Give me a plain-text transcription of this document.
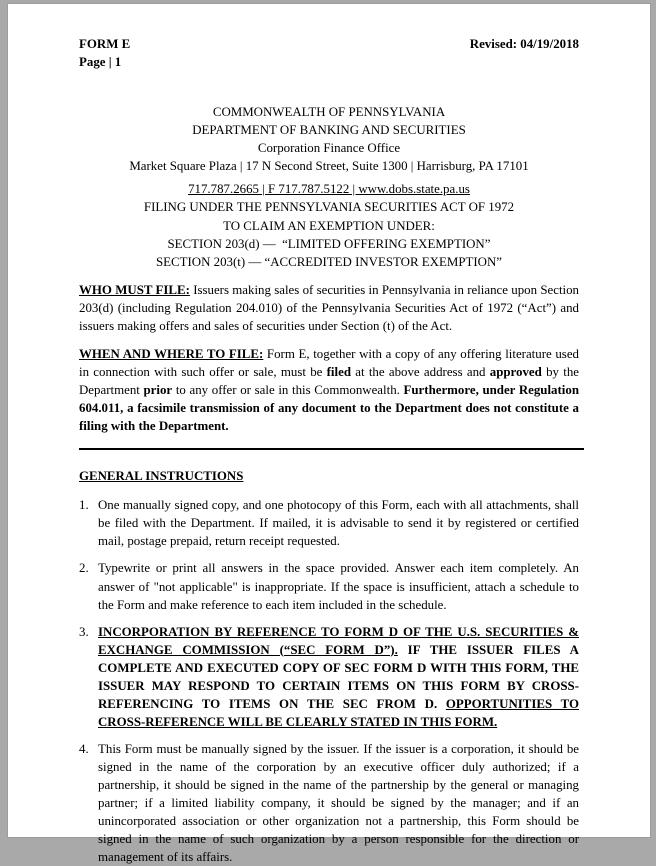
FORM E
Page | 1
Revised: 04/19/2018
COMMONWEALTH OF PENNSYLVANIA
DEPARTMENT OF BANKING AND SECURITIES
Corporation Finance Office
Market Square Plaza | 17 N Second Street, Suite 1300 | Harrisburg, PA 17101
717.787.2665 | F 717.787.5122 | www.dobs.state.pa.us
FILING UNDER THE PENNSYLVANIA SECURITIES ACT OF 1972
TO CLAIM AN EXEMPTION UNDER:
SECTION 203(d) —  “LIMITED OFFERING EXEMPTION”
SECTION 203(t) — “ACCREDITED INVESTOR EXEMPTION”
WHO MUST FILE: Issuers making sales of securities in Pennsylvania in reliance upon Section 203(d) (including Regulation 204.010) of the Pennsylvania Securities Act of 1972 (“Act”) and issuers making offers and sales of securities under Section (t) of the Act.
WHEN AND WHERE TO FILE: Form E, together with a copy of any offering literature used in connection with such offer or sale, must be filed at the above address and approved by the Department prior to any offer or sale in this Commonwealth. Furthermore, under Regulation 604.011, a facsimile transmission of any document to the Department does not constitute a filing with the Department.
GENERAL INSTRUCTIONS
1. One manually signed copy, and one photocopy of this Form, each with all attachments, shall be filed with the Department. If mailed, it is advisable to send it by registered or certified mail, postage prepaid, return receipt requested.
2. Typewrite or print all answers in the space provided. Answer each item completely. An answer of "not applicable" is inappropriate. If the space is insufficient, attach a schedule to the Form and make reference to each item included in the schedule.
3. INCORPORATION BY REFERENCE TO FORM D OF THE U.S. SECURITIES & EXCHANGE COMMISSION (“SEC FORM D”). IF THE ISSUER FILES A COMPLETE AND EXECUTED COPY OF SEC FORM D WITH THIS FORM, THE ISSUER MAY RESPOND TO CERTAIN ITEMS ON THIS FORM BY CROSS-REFERENCING TO ITEMS ON THE SEC FROM D. OPPORTUNITIES TO CROSS-REFERENCE WILL BE CLEARLY STATED IN THIS FORM.
4. This Form must be manually signed by the issuer. If the issuer is a corporation, it should be signed in the name of the corporation by an executive officer duly authorized; if a partnership, it should be signed in the name of the partnership by the general or managing partner; if a limited liability company, it should be signed by the manager; and if an unincorporated association or other organization not a partnership, this Form should be signed in the name of such organization by a person responsible for the direction or management of its affairs.
